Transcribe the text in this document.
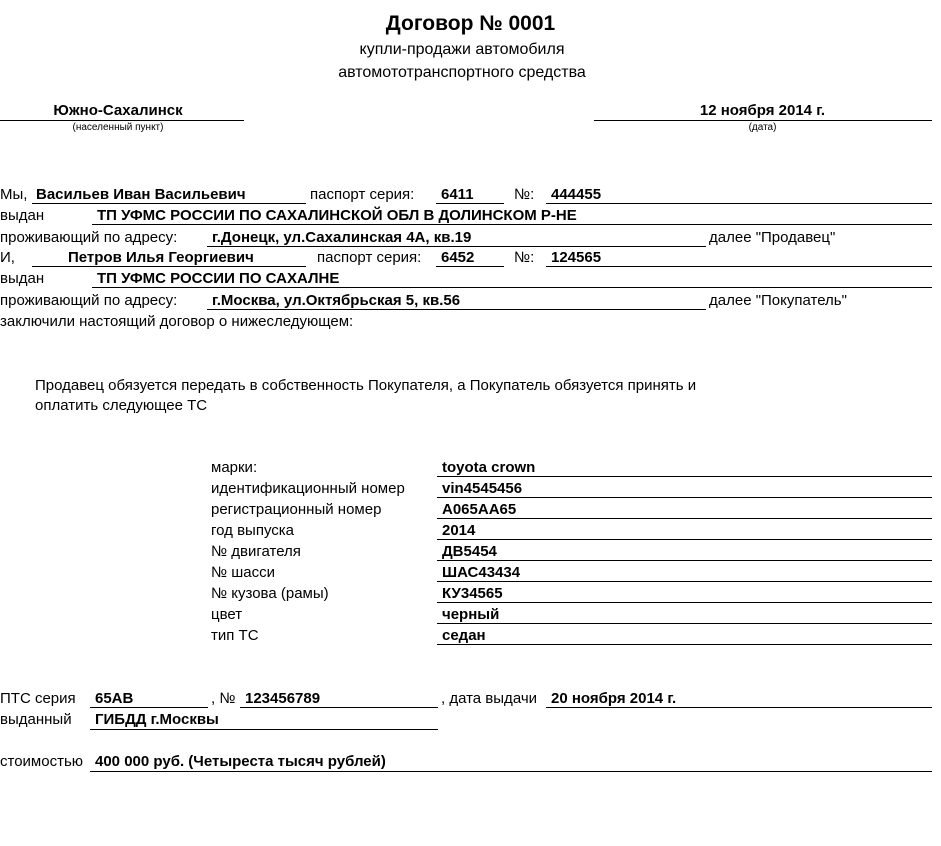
Договор № 0001
купли-продажи автомобиля
автомототранспортного средства
Южно-Сахалинск
(населенный пункт)
12 ноября 2014 г.
(дата)
Мы, Васильев Иван Васильевич	паспорт серия: 6411	№: 444455
выдан	ТП УФМС РОССИИ ПО САХАЛИНСКОЙ ОБЛ В ДОЛИНСКОМ Р-НЕ
проживающий по адресу: г.Донецк, ул.Сахалинская 4А, кв.19	далее "Продавец"
И,	Петров Илья Георгиевич	паспорт серия: 6452	№: 124565
выдан	ТП УФМС РОССИИ ПО САХАЛНЕ
проживающий по адресу: г.Москва, ул.Октябрьская 5, кв.56	далее "Покупатель"
заключили настоящий договор о нижеследующем:
Продавец обязуется передать в собственность Покупателя, а Покупатель обязуется принять и
оплатить следующее ТС
марки:	toyota crown
идентификационный номер vin4545456
регистрационный номер	А065АА65
год выпуска	2014
№ двигателя	ДВ5454
№ шасси	ШАС43434
№ кузова (рамы)	КУ34565
цвет	черный
тип ТС	седан
ПТС серия 65АВ	, № 123456789	, дата выдачи 20 ноября 2014 г.
выданный ГИБДД г.Москвы
стоимостью 400 000 руб. (Четыреста тысяч рублей)
